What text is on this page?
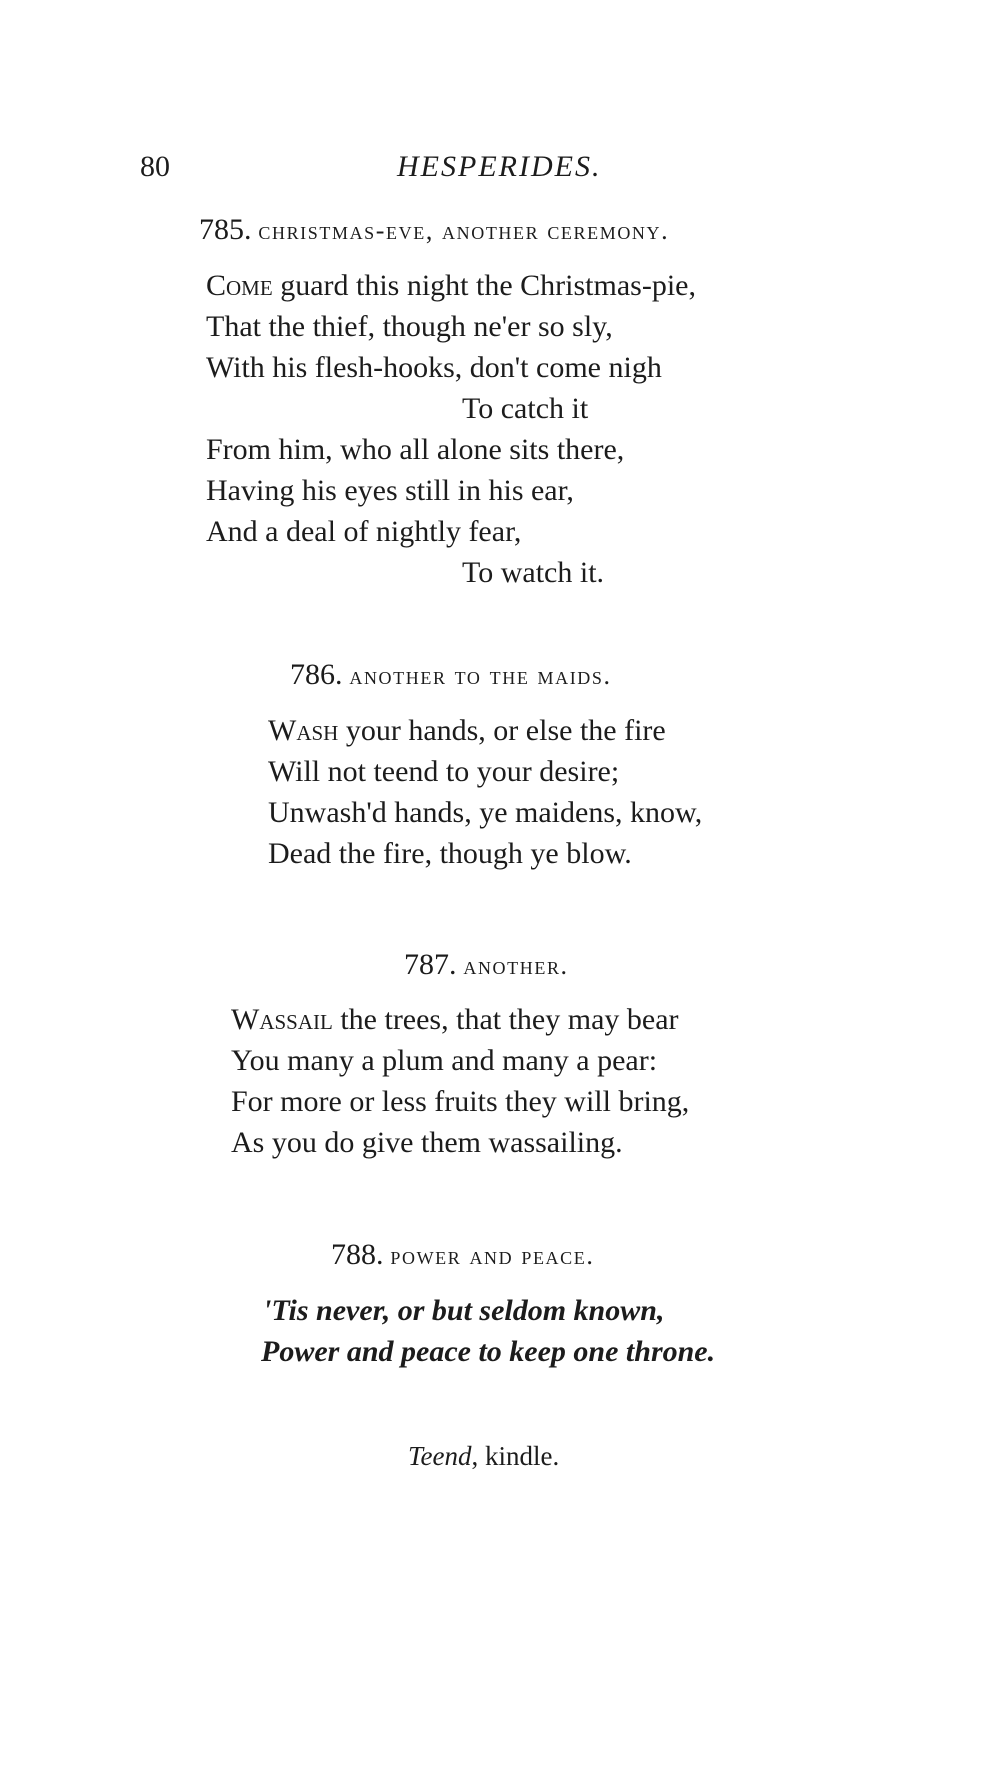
80	HESPERIDES.
785. christmas-eve, another ceremony.
Come guard this night the Christmas-pie,
That the thief, though ne'er so sly,
With his flesh-hooks, don't come nigh
To catch it
From him, who all alone sits there,
Having his eyes still in his ear,
And a deal of nightly fear,
To watch it.
786. another to the maids.
Wash your hands, or else the fire
Will not teend to your desire;
Unwash'd hands, ye maidens, know,
Dead the fire, though ye blow.
787. another.
Wassail the trees, that they may bear
You many a plum and many a pear:
For more or less fruits they will bring,
As you do give them wassailing.
788. power and peace.
'Tis never, or but seldom known,
Power and peace to keep one throne.
Teend, kindle.
